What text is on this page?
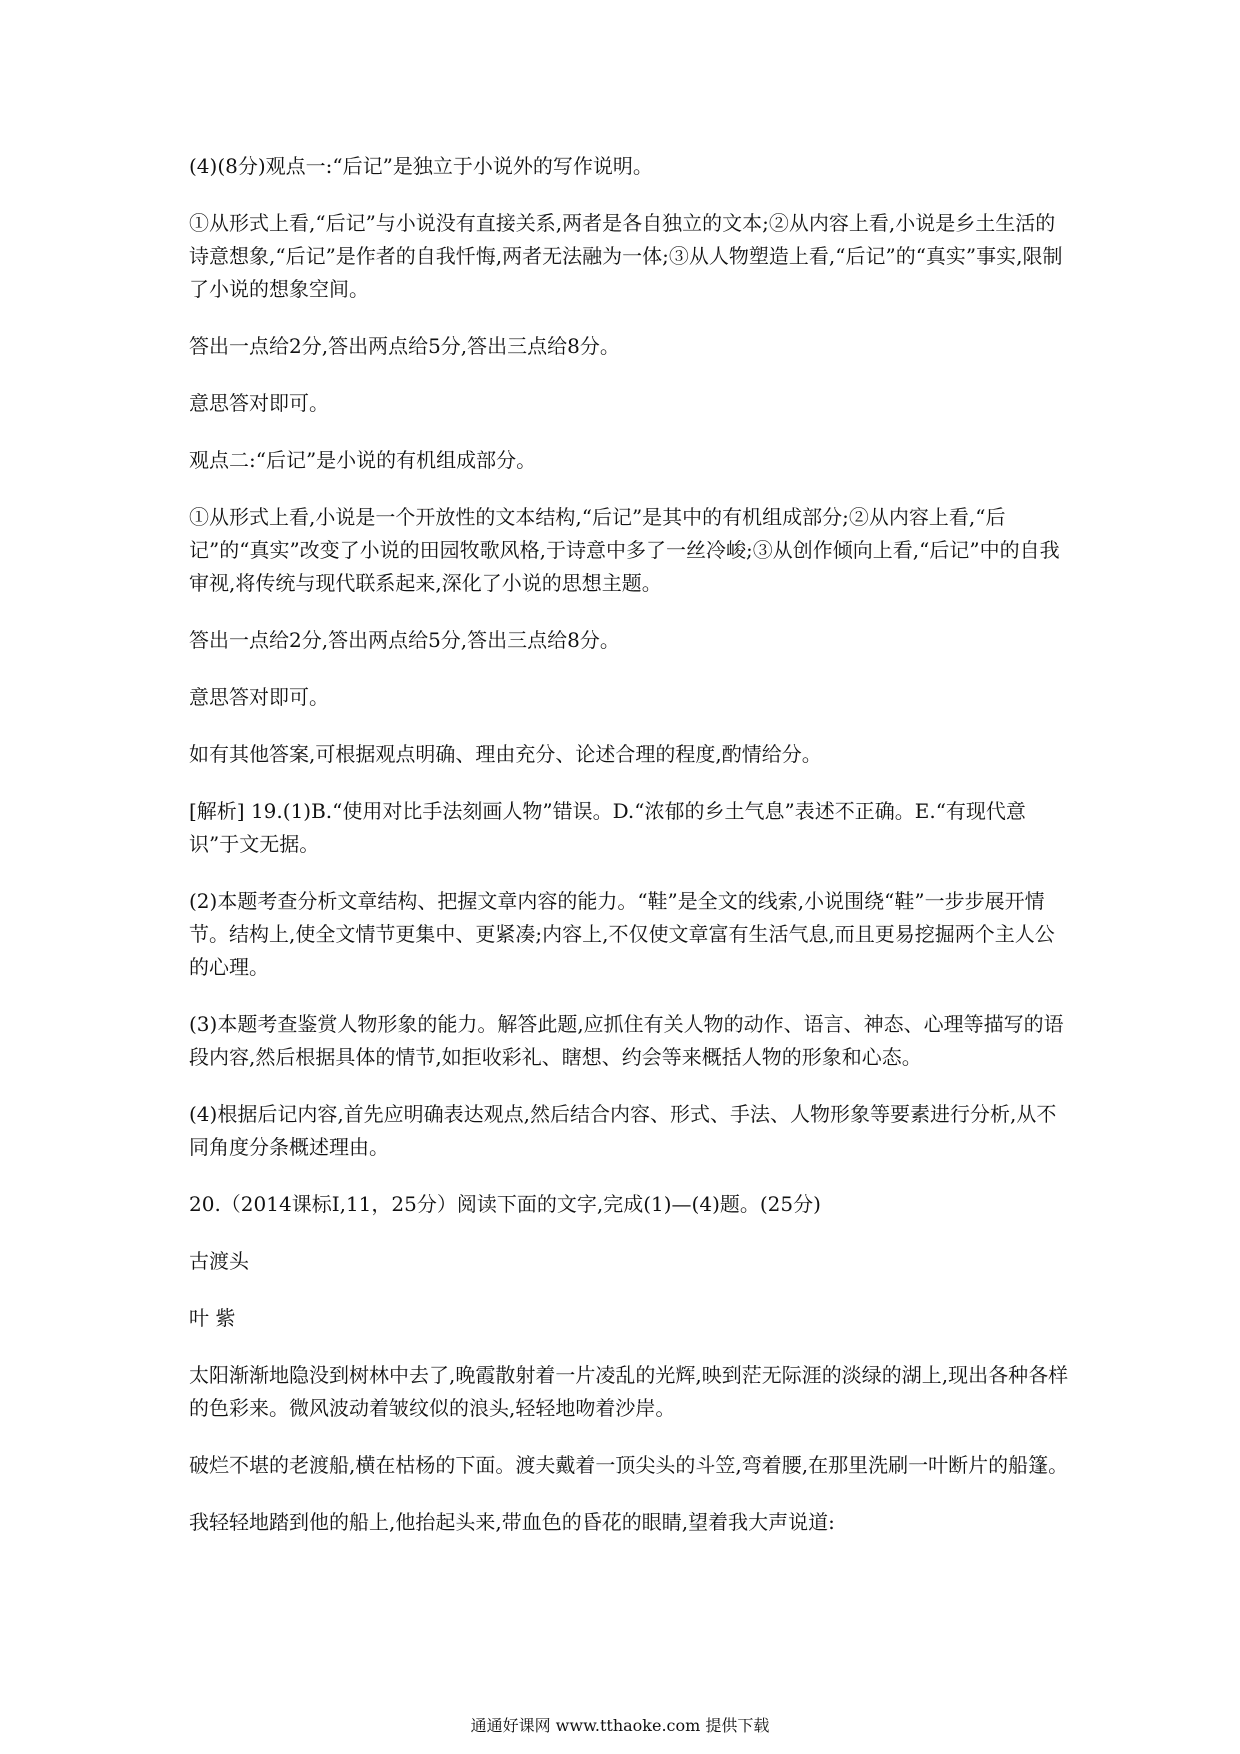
(4)(8分)观点一:“后记”是独立于小说外的写作说明。

①从形式上看,“后记”与小说没有直接关系,两者是各自独立的文本;②从内容上看,小说是乡土生活的诗意想象,“后记”是作者的自我忏悔,两者无法融为一体;③从人物塑造上看,“后记”的“真实”事实,限制了小说的想象空间。

答出一点给2分,答出两点给5分,答出三点给8分。

意思答对即可。

观点二:“后记”是小说的有机组成部分。

①从形式上看,小说是一个开放性的文本结构,“后记”是其中的有机组成部分;②从内容上看,“后记”的“真实”改变了小说的田园牧歌风格,于诗意中多了一丝冷峻;③从创作倾向上看,“后记”中的自我审视,将传统与现代联系起来,深化了小说的思想主题。

答出一点给2分,答出两点给5分,答出三点给8分。

意思答对即可。

如有其他答案,可根据观点明确、理由充分、论述合理的程度,酌情给分。

[解析] 19.(1)B.“使用对比手法刻画人物”错误。D.“浓郁的乡土气息”表述不正确。E.“有现代意识”于文无据。

(2)本题考查分析文章结构、把握文章内容的能力。“鞋”是全文的线索,小说围绕“鞋”一步步展开情节。结构上,使全文情节更集中、更紧凑;内容上,不仅使文章富有生活气息,而且更易挖掘两个主人公的心理。

(3)本题考查鉴赏人物形象的能力。解答此题,应抓住有关人物的动作、语言、神态、心理等描写的语段内容,然后根据具体的情节,如拒收彩礼、瞎想、约会等来概括人物的形象和心态。

(4)根据后记内容,首先应明确表达观点,然后结合内容、形式、手法、人物形象等要素进行分析,从不同角度分条概述理由。

20.（2014课标Ⅰ,11，25分）阅读下面的文字,完成(1)—(4)题。(25分)

古渡头

叶 紫

太阳渐渐地隐没到树林中去了,晚霞散射着一片凌乱的光辉,映到茫无际涯的淡绿的湖上,现出各种各样的色彩来。微风波动着皱纹似的浪头,轻轻地吻着沙岸。

破烂不堪的老渡船,横在枯杨的下面。渡夫戴着一顶尖头的斗笠,弯着腰,在那里洗刷一叶断片的船篷。

我轻轻地踏到他的船上,他抬起头来,带血色的昏花的眼睛,望着我大声说道:

通通好课网 www.tthaoke.com 提供下载
